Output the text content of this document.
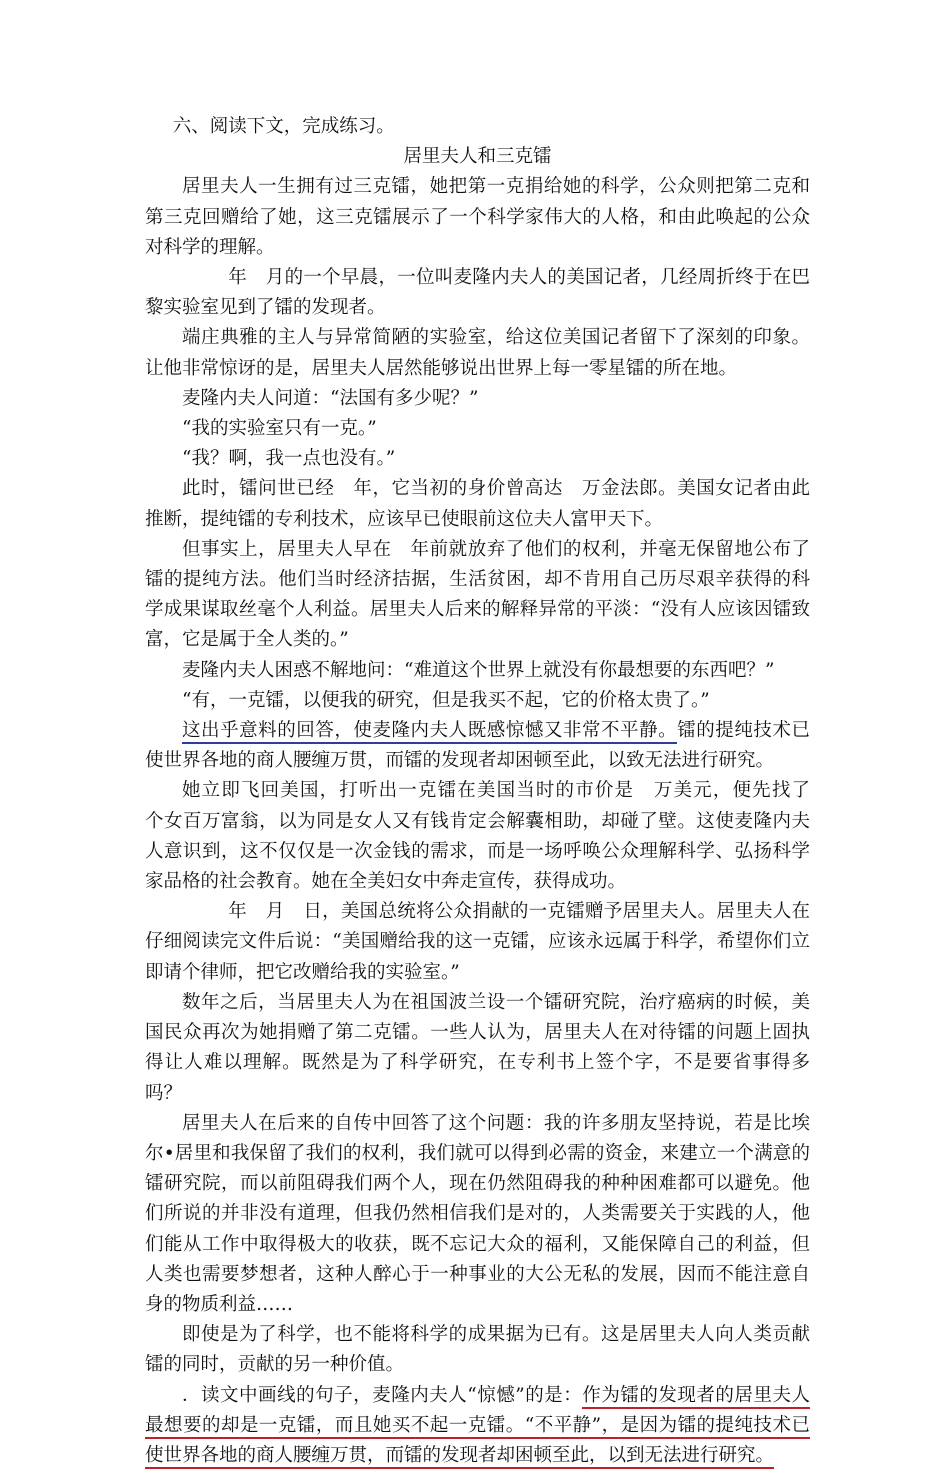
六、阅读下文，完成练习。

居里夫人和三克镭

居里夫人一生拥有过三克镭，她把第一克捐给她的科学，公众则把第二克和第三克回赠给了她，这三克镭展示了一个科学家伟大的人格，和由此唤起的公众对科学的理解。

年　月的一个早晨，一位叫麦隆内夫人的美国记者，几经周折终于在巴黎实验室见到了镭的发现者。

端庄典雅的主人与异常简陋的实验室，给这位美国记者留下了深刻的印象。让他非常惊讶的是，居里夫人居然能够说出世界上每一零星镭的所在地。

麦隆内夫人问道：“法国有多少呢？”

“我的实验室只有一克。”

“我？啊，我一点也没有。”

此时，镭问世已经　年，它当初的身价曾高达　万金法郎。美国女记者由此推断，提纯镭的专利技术，应该早已使眼前这位夫人富甲天下。

但事实上，居里夫人早在　年前就放弃了他们的权利，并毫无保留地公布了镭的提纯方法。他们当时经济拮据，生活贫困，却不肯用自己历尽艰辛获得的科学成果谋取丝毫个人利益。居里夫人后来的解释异常的平淡：“没有人应该因镭致富，它是属于全人类的。”

麦隆内夫人困惑不解地问：“难道这个世界上就没有你最想要的东西吧？”

“有，一克镭，以便我的研究，但是我买不起，它的价格太贵了。”

这出乎意料的回答，使麦隆内夫人既感惊憾又非常不平静。镭的提纯技术已使世界各地的商人腰缠万贯，而镭的发现者却困顿至此，以致无法进行研究。

她立即飞回美国，打听出一克镭在美国当时的市价是　万美元，便先找了　个女百万富翁，以为同是女人又有钱肯定会解囊相助，却碰了壁。这使麦隆内夫人意识到，这不仅仅是一次金钱的需求，而是一场呼唤公众理解科学、弘扬科学家品格的社会教育。她在全美妇女中奔走宣传，获得成功。

年　月　日，美国总统将公众捐献的一克镭赠予居里夫人。居里夫人在仔细阅读完文件后说：“美国赠给我的这一克镭，应该永远属于科学，希望你们立即请个律师，把它改赠给我的实验室。”

数年之后，当居里夫人为在祖国波兰设一个镭研究院，治疗癌病的时候，美国民众再次为她捐赠了第二克镭。一些人认为，居里夫人在对待镭的问题上固执得让人难以理解。既然是为了科学研究，在专利书上签个字，不是要省事得多吗？

居里夫人在后来的自传中回答了这个问题：我的许多朋友坚持说，若是比埃尔•居里和我保留了我们的权利，我们就可以得到必需的资金，来建立一个满意的镭研究院，而以前阻碍我们两个人，现在仍然阻碍我的种种困难都可以避免。他们所说的并非没有道理，但我仍然相信我们是对的，人类需要关于实践的人，他们能从工作中取得极大的收获，既不忘记大众的福利，又能保障自己的利益，但人类也需要梦想者，这种人醉心于一种事业的大公无私的发展，因而不能注意自身的物质利益……

即使是为了科学，也不能将科学的成果据为已有。这是居里夫人向人类贡献镭的同时，贡献的另一种价值。

．读文中画线的句子，麦隆内夫人“惊憾”的是：作为镭的发现者的居里夫人最想要的却是一克镭，而且她买不起一克镭。“不平静”，是因为镭的提纯技术已使世界各地的商人腰缠万贯，而镭的发现者却困顿至此，以到无法进行研究。
